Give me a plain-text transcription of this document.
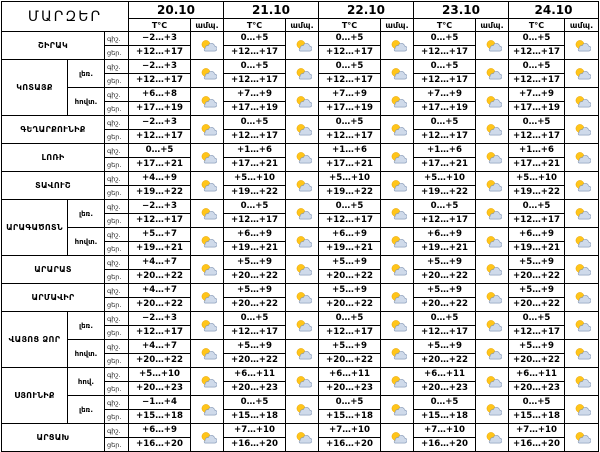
ՄԱՐԶԵՐ			20.10		21.10		22.10		23.10		24.10	
			T°C	ամպ.	T°C	ամպ.	T°C	ամպ.	T°C	ամպ.	T°C	ամպ.
ՇԻՐԱԿ		գիշ.	−2…+3		0…+5		0…+5		0…+5		0…+5	

		ցեր.	+12…+17		+12…+17		+12…+17		+12…+17		+12…+17	
ԿՈՏԱՅՔ	լեռ.	գիշ.	−2…+3		0…+5		0…+5		0…+5		0…+5	

		ցեր.	+12…+17		+12…+17		+12…+17		+12…+17		+12…+17	
	հովտ.	գիշ.	+6…+8		+7…+9		+7…+9		+7…+9		+7…+9	

		ցեր.	+17…+19		+17…+19		+17…+19		+17…+19		+17…+19	
ԳԵՂԱՐՔՈՒՆԻՔ		գիշ.	−2…+3		0…+5		0…+5		0…+5		0…+5	

		ցեր.	+12…+17		+12…+17		+12…+17		+12…+17		+12…+17	
ԼՈՌԻ		գիշ.	0…+5		+1…+6		+1…+6		+1…+6		+1…+6	

		ցեր.	+17…+21		+17…+21		+17…+21		+17…+21		+17…+21	
ՏԱՎՈՒՇ		գիշ.	+4…+9		+5…+10		+5…+10		+5…+10		+5…+10	

		ցեր.	+19…+22		+19…+22		+19…+22		+19…+22		+19…+22	
ԱՐԱԳԱԾՈՏՆ	լեռ.	գիշ.	−2…+3		0…+5		0…+5		0…+5		0…+5	

		ցեր.	+12…+17		+12…+17		+12…+17		+12…+17		+12…+17	
	հովտ.	գիշ.	+5…+7		+6…+9		+6…+9		+6…+9		+6…+9	

		ցեր.	+19…+21		+19…+21		+19…+21		+19…+21		+19…+21	
ԱՐԱՐԱՏ		գիշ.	+4…+7		+5…+9		+5…+9		+5…+9		+5…+9	

		ցեր.	+20…+22		+20…+22		+20…+22		+20…+22		+20…+22	
ԱՐՄԱՎԻՐ		գիշ.	+4…+7		+5…+9		+5…+9		+5…+9		+5…+9	

		ցեր.	+20…+22		+20…+22		+20…+22		+20…+22		+20…+22	
ՎԱՅՈՑ ՁՈՐ	լեռ.	գիշ.	−2…+3		0…+5		0…+5		0…+5		0…+5	

		ցեր.	+12…+17		+12…+17		+12…+17		+12…+17		+12…+17	
	հովտ.	գիշ.	+4…+7		+5…+9		+5…+9		+5…+9		+5…+9	

		ցեր.	+20…+22		+20…+22		+20…+22		+20…+22		+20…+22	
ՍՅՈՒՆԻՔ	հով.	գիշ.	+5…+10		+6…+11		+6…+11		+6…+11		+6…+11	

		ցեր.	+20…+23		+20…+23		+20…+23		+20…+23		+20…+23	
	լեռ.	գիշ.	−1…+4		0…+5		0…+5		0…+5		0…+5	

		ցեր.	+15…+18		+15…+18		+15…+18		+15…+18		+15…+18	
ԱՐՑԱԽ		գիշ.	+6…+9		+7…+10		+7…+10		+7…+10		+7…+10	

		ցեր.	+16…+20		+16…+20		+16…+20		+16…+20		+16…+20	
